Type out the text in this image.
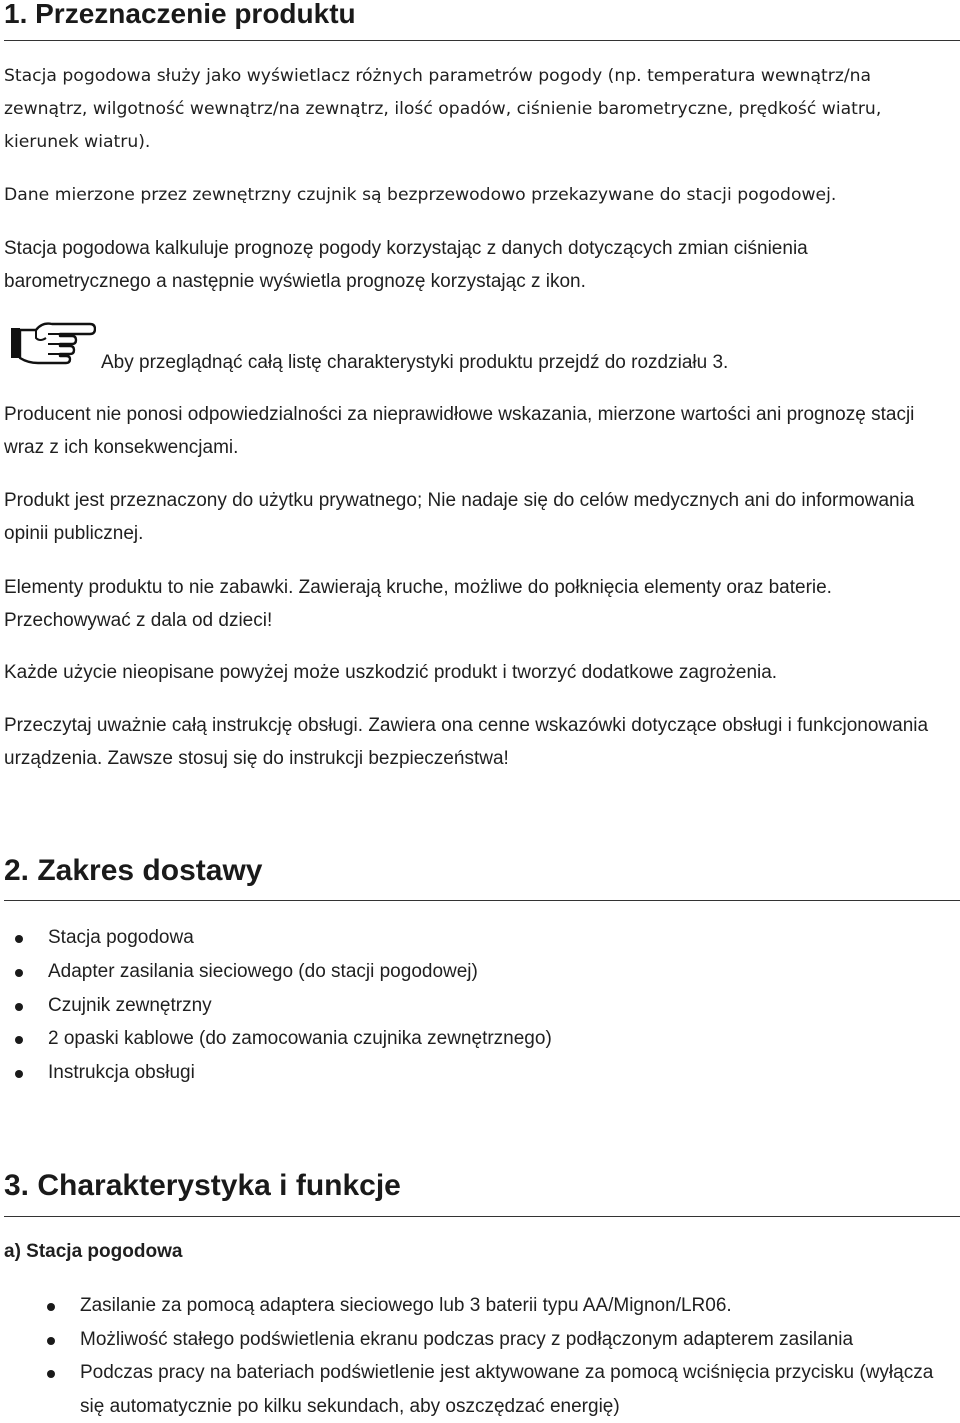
1. Przeznaczenie produktu

Stacja pogodowa służy jako wyświetlacz różnych parametrów pogody (np. temperatura wewnątrz/na zewnątrz, wilgotność wewnątrz/na zewnątrz, ilość opadów, ciśnienie barometryczne, prędkość wiatru, kierunek wiatru).

Dane mierzone przez zewnętrzny czujnik są bezprzewodowo przekazywane do stacji pogodowej.

Stacja pogodowa kalkuluje prognozę pogody korzystając z danych dotyczących zmian ciśnienia barometrycznego a następnie wyświetla prognozę korzystając z ikon.

Aby przeglądnąć całą listę charakterystyki produktu przejdź do rozdziału 3.

Producent nie ponosi odpowiedzialności za nieprawidłowe wskazania, mierzone wartości ani prognozę stacji wraz z ich konsekwencjami.

Produkt jest przeznaczony do użytku prywatnego; Nie nadaje się do celów medycznych ani do informowania opinii publicznej.

Elementy produktu to nie zabawki. Zawierają kruche, możliwe do połknięcia elementy oraz baterie. Przechowywać z dala od dzieci!

Każde użycie nieopisane powyżej może uszkodzić produkt i tworzyć dodatkowe zagrożenia.

Przeczytaj uważnie całą instrukcję obsługi. Zawiera ona cenne wskazówki dotyczące obsługi i funkcjonowania urządzenia. Zawsze stosuj się do instrukcji bezpieczeństwa!

2. Zakres dostawy
Stacja pogodowa
Adapter zasilania sieciowego (do stacji pogodowej)
Czujnik zewnętrzny
2 opaski kablowe (do zamocowania czujnika zewnętrznego)
Instrukcja obsługi
3. Charakterystyka i funkcje
a) Stacja pogodowa
Zasilanie za pomocą adaptera sieciowego lub 3 baterii typu AA/Mignon/LR06.
Możliwość stałego podświetlenia ekranu podczas pracy z podłączonym adapterem zasilania
Podczas pracy na bateriach podświetlenie jest aktywowane za pomocą wciśnięcia przycisku (wyłącza się automatycznie po kilku sekundach, aby oszczędzać energię)
